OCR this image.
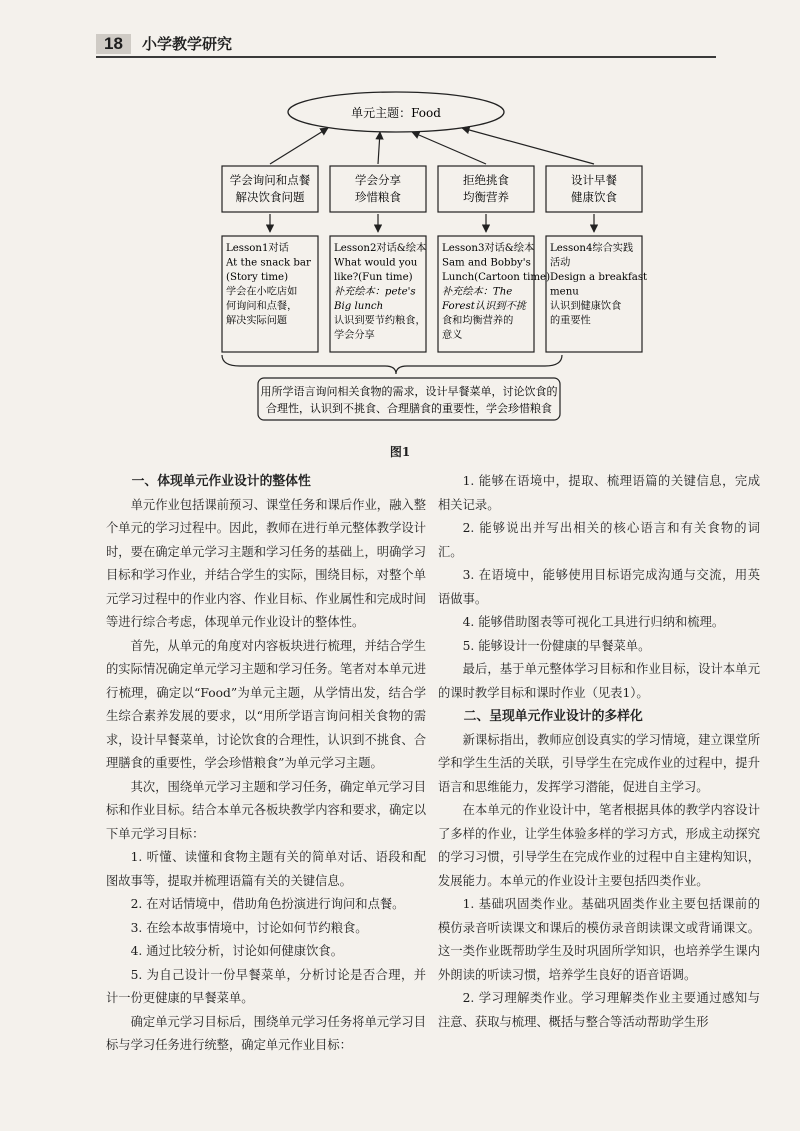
18	小学教学研究
单元主题：Food
学会询问和点餐
解决饮食问题
学会分享
珍惜粮食
拒绝挑食
均衡营养
设计早餐
健康饮食
Lesson1对话
At the snack bar
(Story time)
学会在小吃店如
何询问和点餐，
解决实际问题
Lesson2对话&绘本
What would you
like?(Fun time)
补充绘本：pete's
Big lunch
认识到要节约粮食，
学会分享
Lesson3对话&绘本
Sam and Bobby's
Lunch(Cartoon time)
补充绘本：The
Forest认识到不挑
食和均衡营养的
意义
Lesson4综合实践
活动
Design a breakfast
menu
认识到健康饮食
的重要性
用所学语言询问相关食物的需求，设计早餐菜单，讨论饮食的
合理性，认识到不挑食、合理膳食的重要性，学会珍惜粮食
图1
一、体现单元作业设计的整体性

单元作业包括课前预习、课堂任务和课后作业，融入整个单元的学习过程中。因此，教师在进行单元整体教学设计时，要在确定单元学习主题和学习任务的基础上，明确学习目标和学习作业，并结合学生的实际，围绕目标，对整个单元学习过程中的作业内容、作业目标、作业属性和完成时间等进行综合考虑，体现单元作业设计的整体性。

首先，从单元的角度对内容板块进行梳理，并结合学生的实际情况确定单元学习主题和学习任务。笔者对本单元进行梳理，确定以“Food”为单元主题，从学情出发，结合学生综合素养发展的要求，以“用所学语言询问相关食物的需求，设计早餐菜单，讨论饮食的合理性，认识到不挑食、合理膳食的重要性，学会珍惜粮食”为单元学习主题。

其次，围绕单元学习主题和学习任务，确定单元学习目标和作业目标。结合本单元各板块教学内容和要求，确定以下单元学习目标：

1. 听懂、读懂和食物主题有关的简单对话、语段和配图故事等，提取并梳理语篇有关的关键信息。

2. 在对话情境中，借助角色扮演进行询问和点餐。

3. 在绘本故事情境中，讨论如何节约粮食。

4. 通过比较分析，讨论如何健康饮食。

5. 为自己设计一份早餐菜单，分析讨论是否合理，并计一份更健康的早餐菜单。

确定单元学习目标后，围绕单元学习任务将单元学习目标与学习任务进行统整，确定单元作业目标：

1. 能够在语境中，提取、梳理语篇的关键信息，完成相关记录。

2. 能够说出并写出相关的核心语言和有关食物的词汇。

3. 在语境中，能够使用目标语完成沟通与交流，用英语做事。

4. 能够借助图表等可视化工具进行归纳和梳理。

5. 能够设计一份健康的早餐菜单。

最后，基于单元整体学习目标和作业目标，设计本单元的课时教学目标和课时作业（见表1）。

二、呈现单元作业设计的多样化

新课标指出，教师应创设真实的学习情境，建立课堂所学和学生生活的关联，引导学生在完成作业的过程中，提升语言和思维能力，发挥学习潜能，促进自主学习。

在本单元的作业设计中，笔者根据具体的教学内容设计了多样的作业，让学生体验多样的学习方式，形成主动探究的学习习惯，引导学生在完成作业的过程中自主建构知识，发展能力。本单元的作业设计主要包括四类作业。

1. 基础巩固类作业。基础巩固类作业主要包括课前的模仿录音听读课文和课后的模仿录音朗读课文或背诵课文。这一类作业既帮助学生及时巩固所学知识，也培养学生课内外朗读的听读习惯，培养学生良好的语音语调。

2. 学习理解类作业。学习理解类作业主要通过感知与注意、获取与梳理、概括与整合等活动帮助学生形
